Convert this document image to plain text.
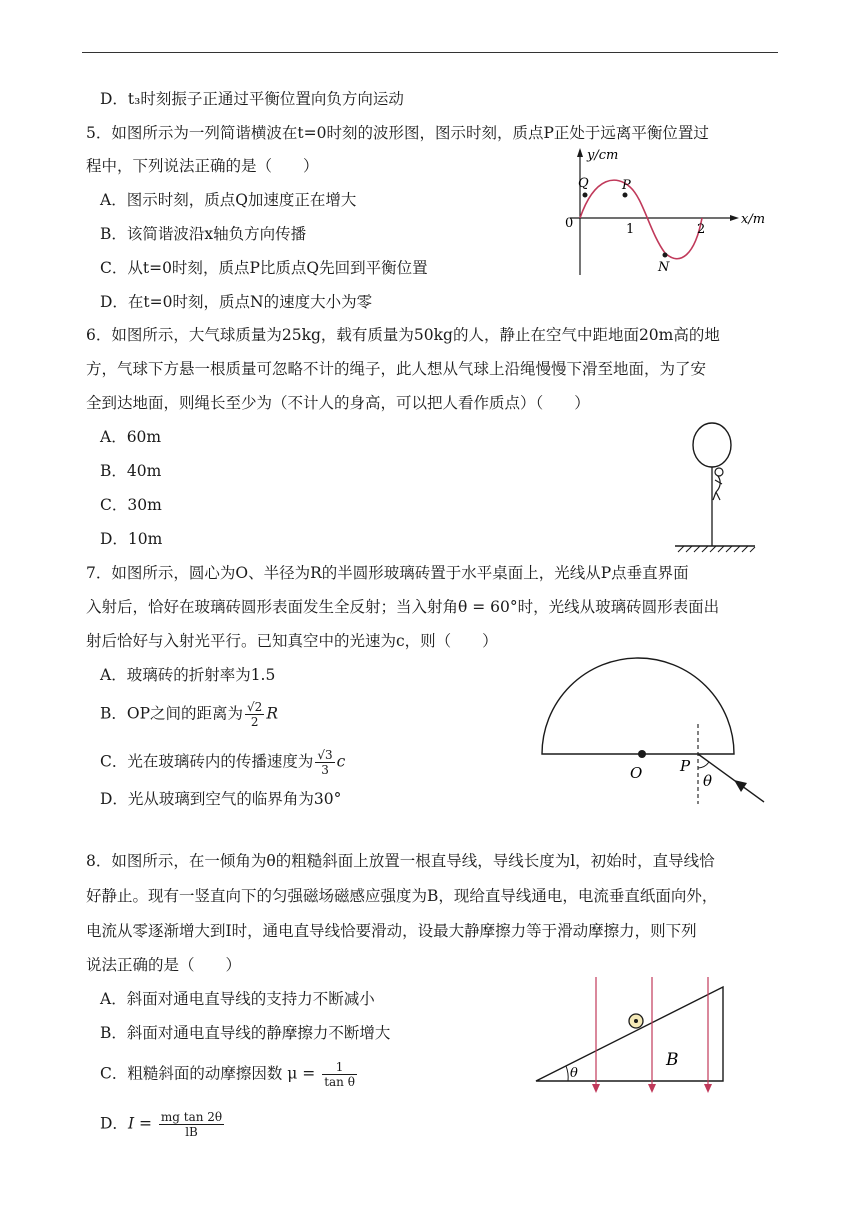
D．t₃时刻振子正通过平衡位置向负方向运动
5．如图所示为一列简谐横波在t=0时刻的波形图，图示时刻，质点P正处于远离平衡位置过
程中，下列说法正确的是（　　）
A．图示时刻，质点Q加速度正在增大
B．该简谐波沿x轴负方向传播
C．从t=0时刻，质点P比质点Q先回到平衡位置
D．在t=0时刻，质点N的速度大小为零
y/cm
x/m
0	1	2
Q	P
N
6．如图所示，大气球质量为25kg，载有质量为50kg的人，静止在空气中距地面20m高的地
方，气球下方悬一根质量可忽略不计的绳子，此人想从气球上沿绳慢慢下滑至地面，为了安
全到达地面，则绳长至少为（不计人的身高，可以把人看作质点）（　　）
A．60m
B．40m
C．30m
D．10m
7．如图所示，圆心为O、半径为R的半圆形玻璃砖置于水平桌面上，光线从P点垂直界面
入射后，恰好在玻璃砖圆形表面发生全反射；当入射角θ = 60°时，光线从玻璃砖圆形表面出
射后恰好与入射光平行。已知真空中的光速为c，则（　　）
A．玻璃砖的折射率为1.5
B．OP之间的距离为 $\frac{√2}{2}$ R
C．光在玻璃砖内的传播速度为 $\frac{√3}{3}$ c
D．光从玻璃到空气的临界角为30°
O	P
θ
8．如图所示，在一倾角为θ的粗糙斜面上放置一根直导线，导线长度为l，初始时，直导线恰
好静止。现有一竖直向下的匀强磁场磁感应强度为B，现给直导线通电，电流垂直纸面向外，
电流从零逐渐增大到I时，通电直导线恰要滑动，设最大静摩擦力等于滑动摩擦力，则下列
说法正确的是（　　）
A．斜面对通电直导线的支持力不断减小
B．斜面对通电直导线的静摩擦力不断增大
C．粗糙斜面的动摩擦因数 $\mu = \frac{1}{\text{tan θ}}$
D．$I = \frac{\text{mg tan 2θ}}{lB}$
B
θ
